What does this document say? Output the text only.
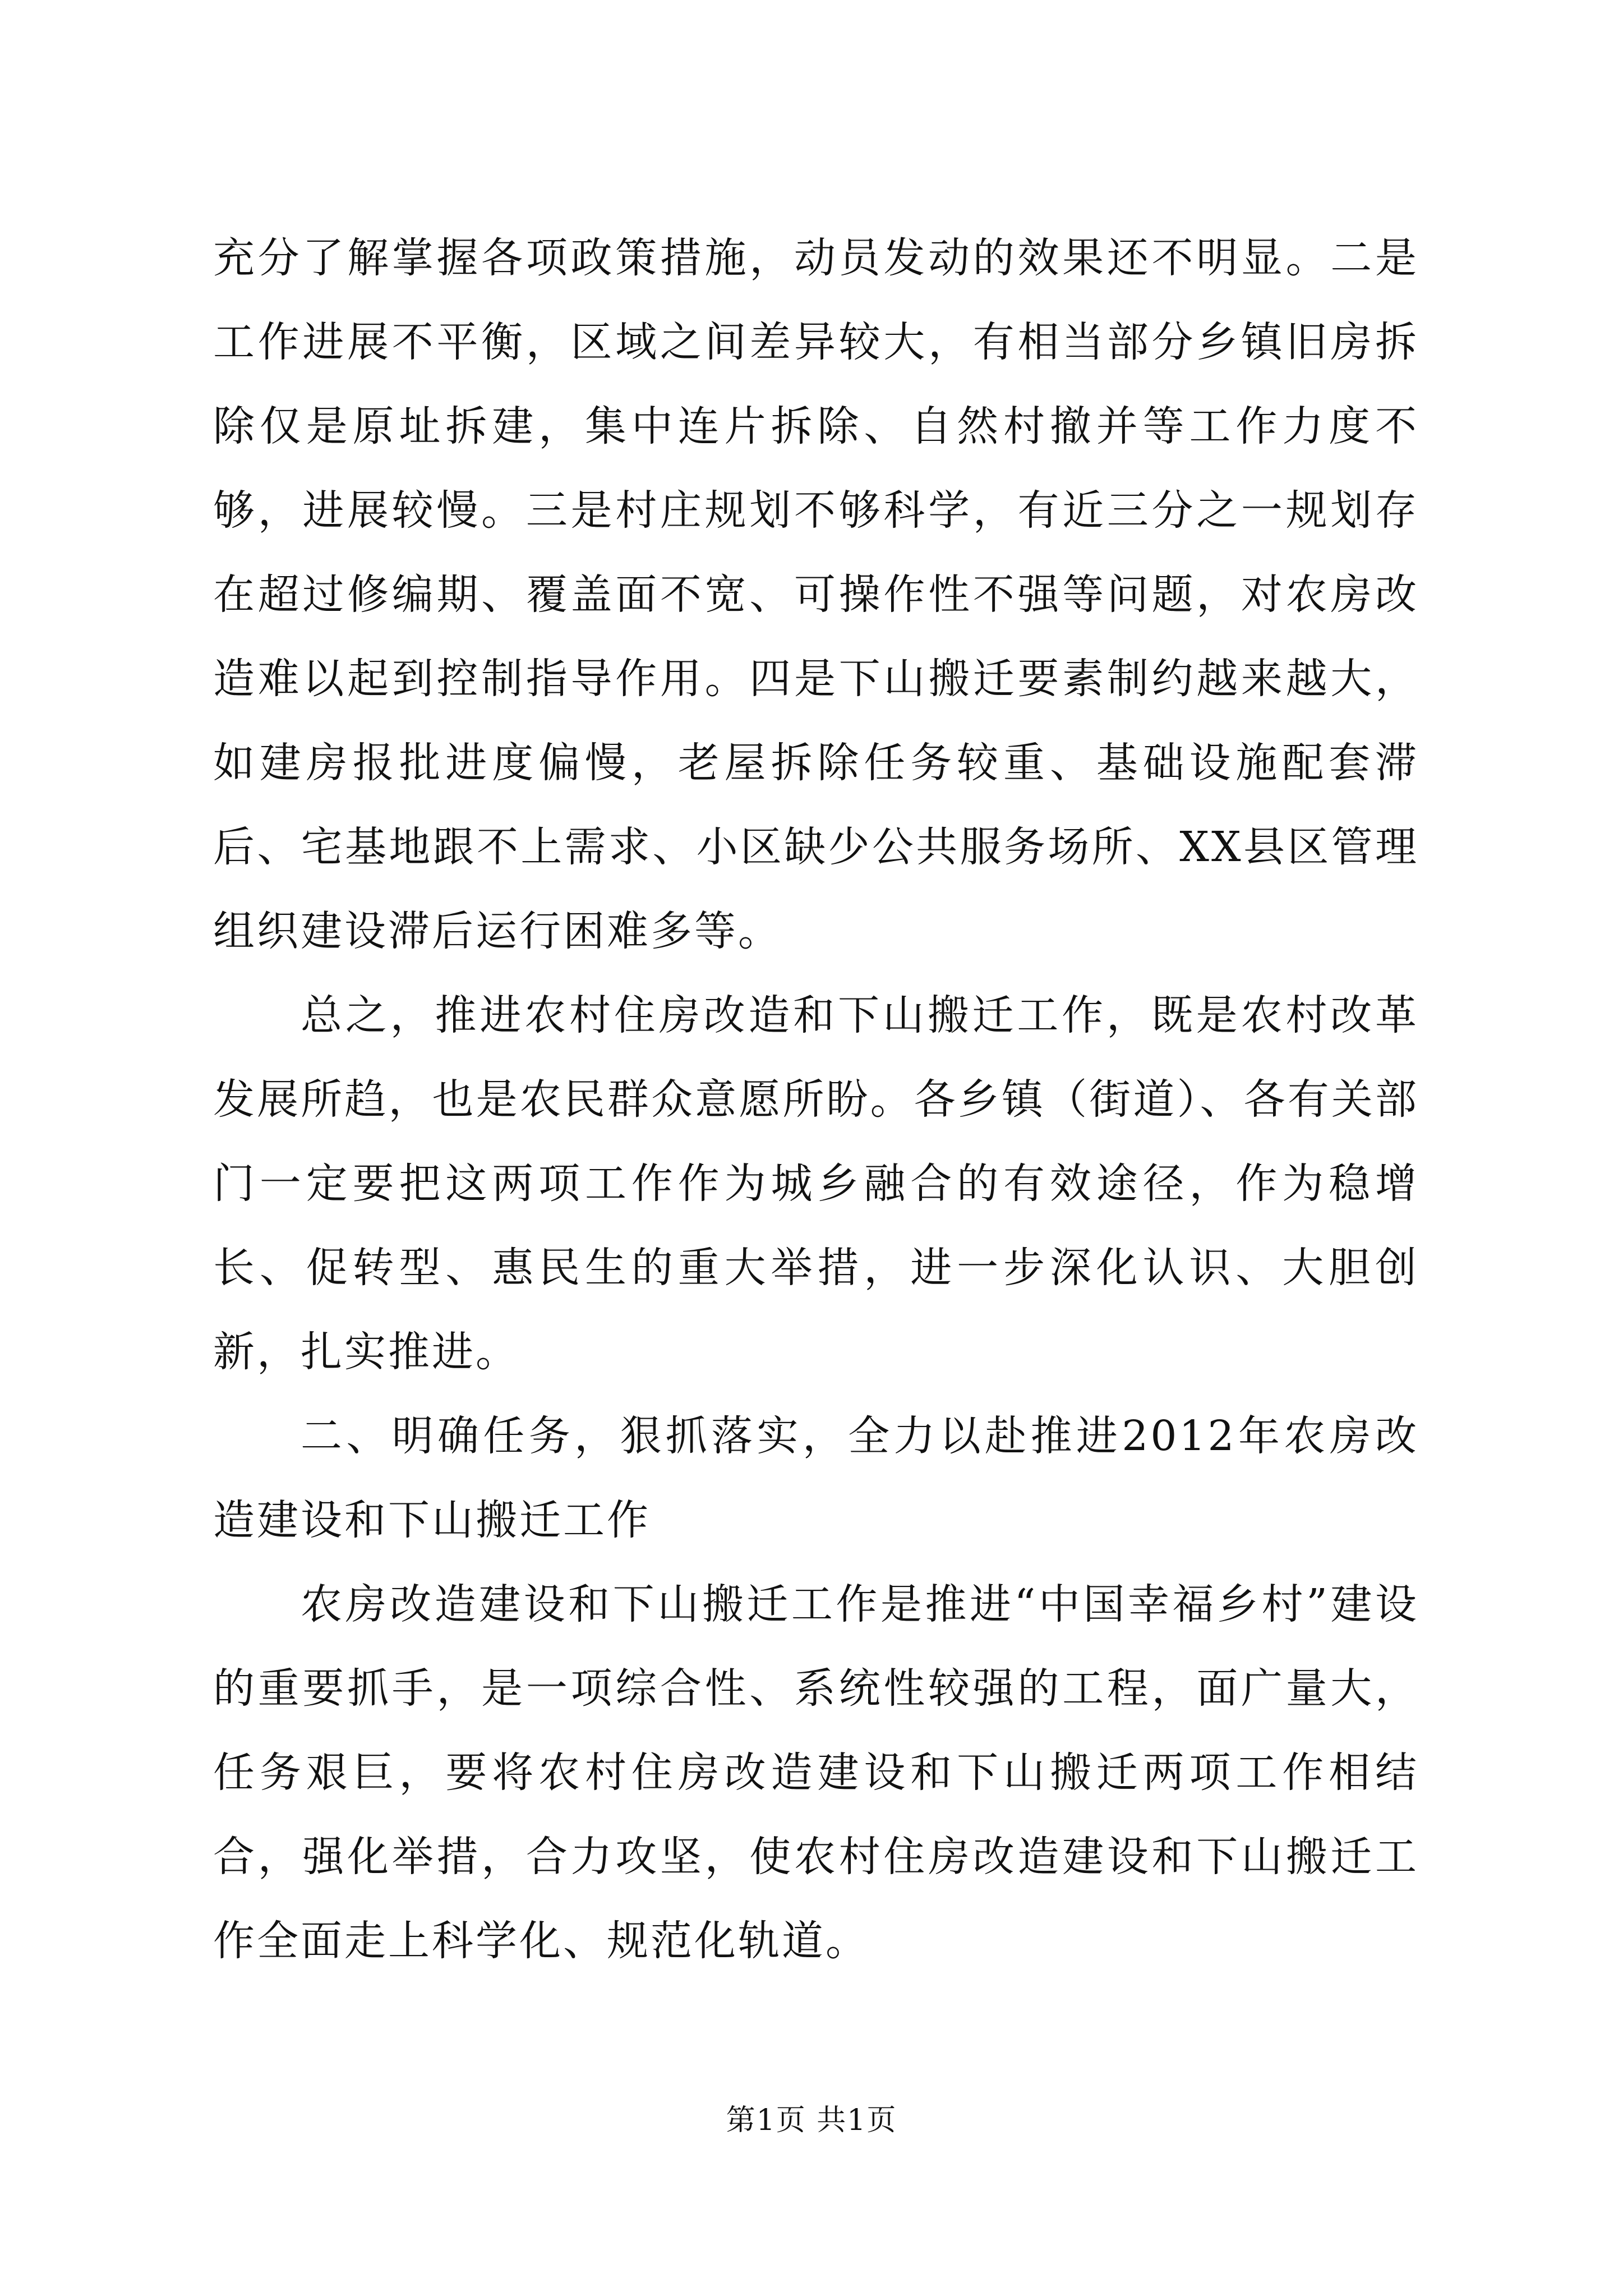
充分了解掌握各项政策措施，动员发动的效果还不明显。二是工作进展不平衡，区域之间差异较大，有相当部分乡镇旧房拆除仅是原址拆建，集中连片拆除、自然村撤并等工作力度不够，进展较慢。三是村庄规划不够科学，有近三分之一规划存在超过修编期、覆盖面不宽、可操作性不强等问题，对农房改造难以起到控制指导作用。四是下山搬迁要素制约越来越大，如建房报批进度偏慢，老屋拆除任务较重、基础设施配套滞后、宅基地跟不上需求、小区缺少公共服务场所、XX县区管理组织建设滞后运行困难多等。

总之，推进农村住房改造和下山搬迁工作，既是农村改革发展所趋，也是农民群众意愿所盼。各乡镇（街道）、各有关部门一定要把这两项工作作为城乡融合的有效途径，作为稳增长、促转型、惠民生的重大举措，进一步深化认识、大胆创新，扎实推进。

二、明确任务，狠抓落实，全力以赴推进2012年农房改造建设和下山搬迁工作

农房改造建设和下山搬迁工作是推进“中国幸福乡村”建设的重要抓手，是一项综合性、系统性较强的工程，面广量大，任务艰巨，要将农村住房改造建设和下山搬迁两项工作相结合，强化举措，合力攻坚，使农村住房改造建设和下山搬迁工作全面走上科学化、规范化轨道。

第1页 共1页
